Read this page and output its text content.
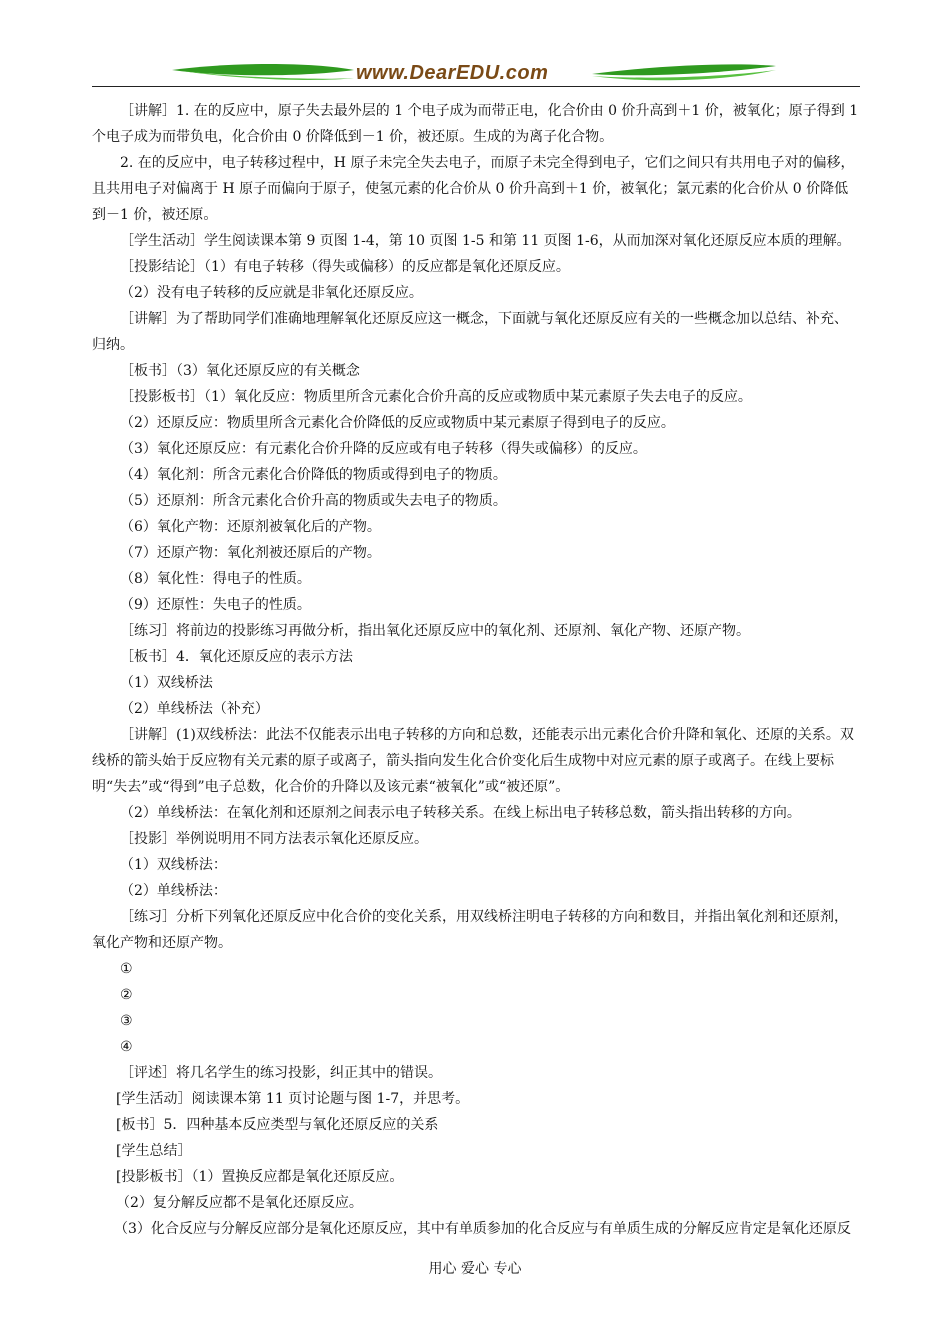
www.DearEDU.com

［讲解］1. 在的反应中，原子失去最外层的 1 个电子成为而带正电，化合价由 0 价升高到＋1 价，被氧化；原子得到 1 个电子成为而带负电，化合价由 0 价降低到－1 价，被还原。生成的为离子化合物。

2. 在的反应中，电子转移过程中，H 原子未完全失去电子，而原子未完全得到电子，它们之间只有共用电子对的偏移，且共用电子对偏离于 H 原子而偏向于原子，使氢元素的化合价从 0 价升高到＋1 价，被氧化；氯元素的化合价从 0 价降低到－1 价，被还原。

［学生活动］学生阅读课本第 9 页图 1-4，第 10 页图 1-5 和第 11 页图 1-6，从而加深对氧化还原反应本质的理解。

［投影结论］（1）有电子转移（得失或偏移）的反应都是氧化还原反应。

（2）没有电子转移的反应就是非氧化还原反应。

［讲解］为了帮助同学们准确地理解氧化还原反应这一概念，下面就与氧化还原反应有关的一些概念加以总结、补充、归纳。

［板书］（3）氧化还原反应的有关概念

［投影板书］（1）氧化反应：物质里所含元素化合价升高的反应或物质中某元素原子失去电子的反应。

（2）还原反应：物质里所含元素化合价降低的反应或物质中某元素原子得到电子的反应。

（3）氧化还原反应：有元素化合价升降的反应或有电子转移（得失或偏移）的反应。

（4）氧化剂：所含元素化合价降低的物质或得到电子的物质。

（5）还原剂：所含元素化合价升高的物质或失去电子的物质。

（6）氧化产物：还原剂被氧化后的产物。

（7）还原产物：氧化剂被还原后的产物。

（8）氧化性：得电子的性质。

（9）还原性：失电子的性质。

［练习］将前边的投影练习再做分析，指出氧化还原反应中的氧化剂、还原剂、氧化产物、还原产物。

［板书］4．氧化还原反应的表示方法

（1）双线桥法

（2）单线桥法（补充）

［讲解］(1)双线桥法：此法不仅能表示出电子转移的方向和总数，还能表示出元素化合价升降和氧化、还原的关系。双线桥的箭头始于反应物有关元素的原子或离子，箭头指向发生化合价变化后生成物中对应元素的原子或离子。在线上要标明“失去”或“得到”电子总数，化合价的升降以及该元素“被氧化”或“被还原”。

（2）单线桥法：在氧化剂和还原剂之间表示电子转移关系。在线上标出电子转移总数，箭头指出转移的方向。

［投影］举例说明用不同方法表示氧化还原反应。

（1）双线桥法：

（2）单线桥法：

［练习］分析下列氧化还原反应中化合价的变化关系，用双线桥注明电子转移的方向和数目，并指出氧化剂和还原剂，氧化产物和还原产物。

①

②

③

④

［评述］将几名学生的练习投影，纠正其中的错误。

[学生活动］阅读课本第 11 页讨论题与图 1-7，并思考。

[板书］5．四种基本反应类型与氧化还原反应的关系

[学生总结］

[投影板书］（1）置换反应都是氧化还原反应。

（2）复分解反应都不是氧化还原反应。

（3）化合反应与分解反应部分是氧化还原反应，其中有单质参加的化合反应与有单质生成的分解反应肯定是氧化还原反

用心 爱心 专心
